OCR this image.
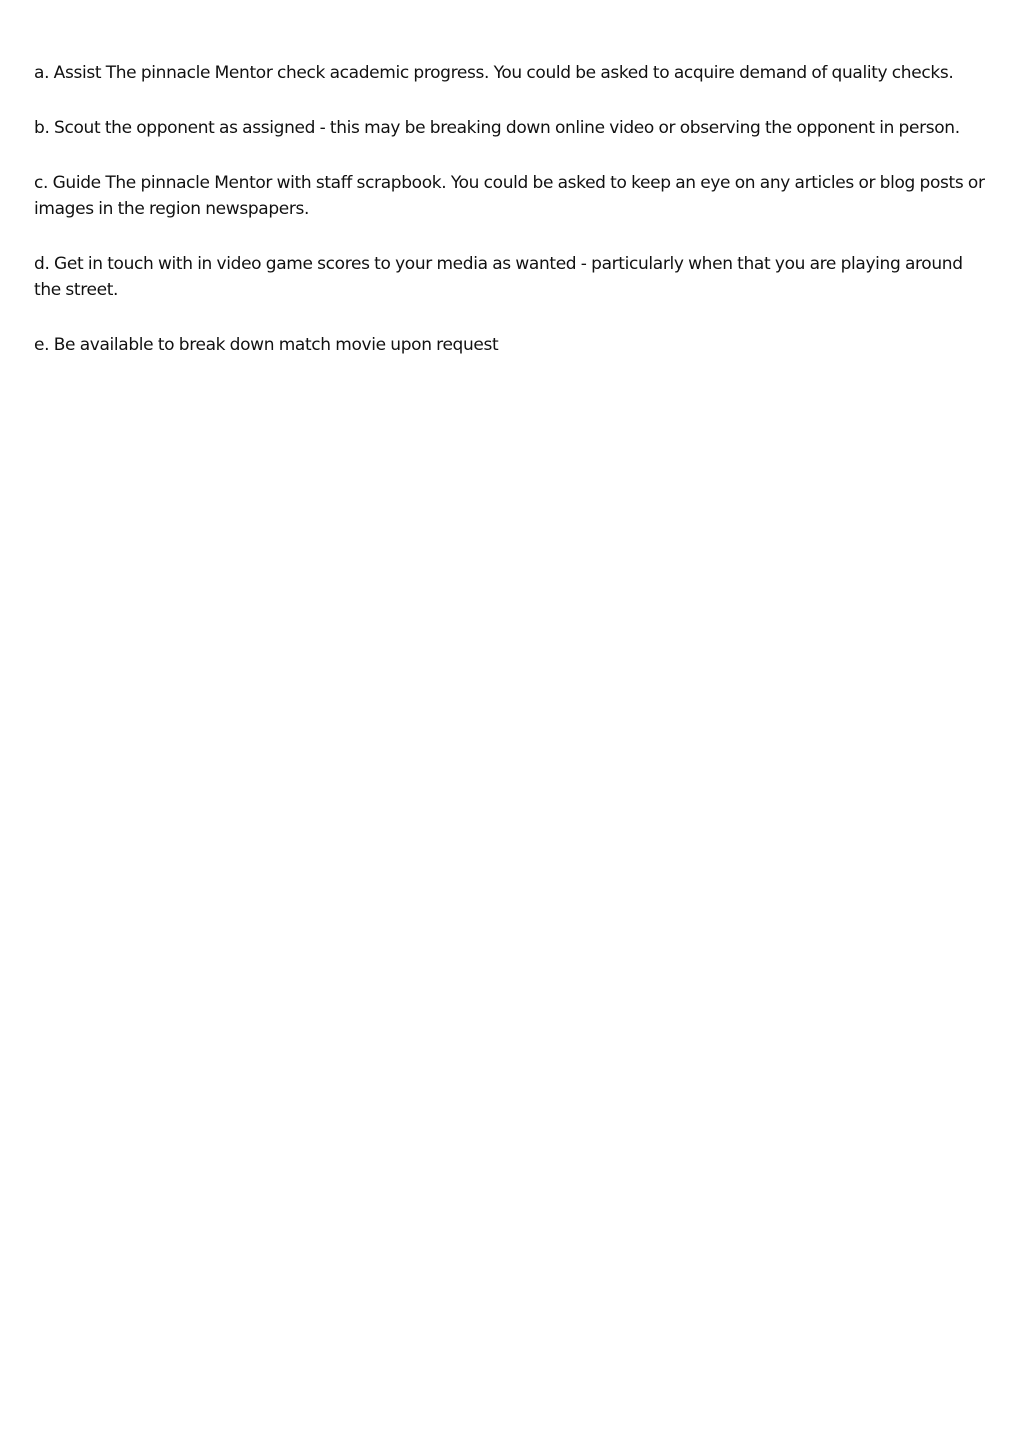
a. Assist The pinnacle Mentor check academic progress. You could be asked to acquire demand of quality checks.

b. Scout the opponent as assigned - this may be breaking down online video or observing the opponent in person.

c. Guide The pinnacle Mentor with staff scrapbook. You could be asked to keep an eye on any articles or blog posts or images in the region newspapers.

d. Get in touch with in video game scores to your media as wanted - particularly when that you are playing around the street.

e. Be available to break down match movie upon request
